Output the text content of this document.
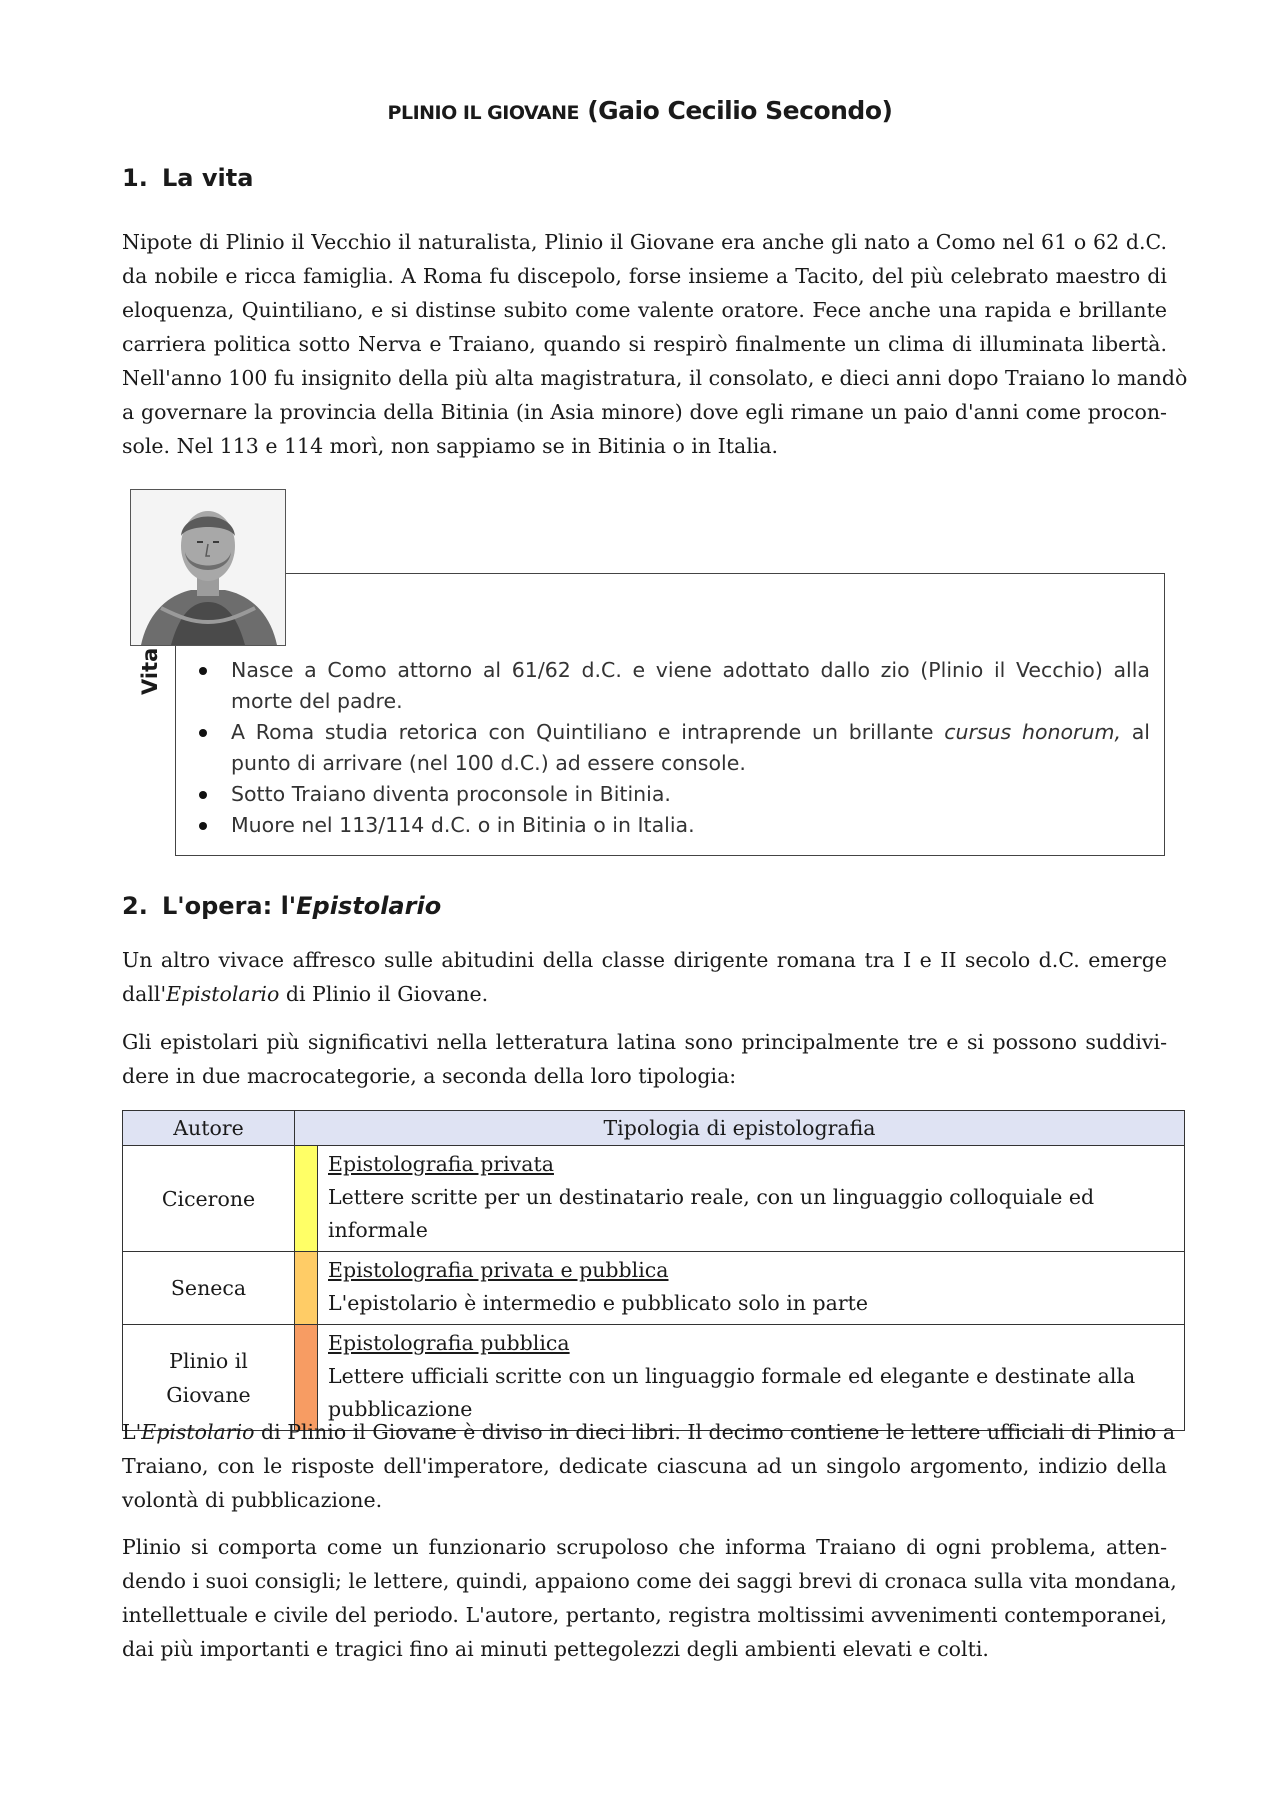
PLINIO IL GIOVANE (Gaio Cecilio Secondo)
1. La vita

Nipote di Plinio il Vecchio il naturalista, Plinio il Giovane era anche gli nato a Como nel 61 o 62 d.C.
da nobile e ricca famiglia. A Roma fu discepolo, forse insieme a Tacito, del più celebrato maestro di
eloquenza, Quintiliano, e si distinse subito come valente oratore. Fece anche una rapida e brillante
carriera politica sotto Nerva e Traiano, quando si respirò finalmente un clima di illuminata libertà.
Nell'anno 100 fu insignito della più alta magistratura, il consolato, e dieci anni dopo Traiano lo mandò
a governare la provincia della Bitinia (in Asia minore) dove egli rimane un paio d'anni come procon-
sole. Nel 113 e 114 morì, non sappiamo se in Bitinia o in Italia.

Vita	Nasce a Como attorno al 61/62 d.C. e viene adottato dallo zio (Plinio il Vecchio) alla morte del padre.
A Roma studia retorica con Quintiliano e intraprende un brillante cursus honorum, al punto di arrivare (nel 100 d.C.) ad essere console.
Sotto Traiano diventa proconsole in Bitinia.
Muore nel 113/114 d.C. o in Bitinia o in Italia.
2. L'opera: l'Epistolario

Un altro vivace affresco sulle abitudini della classe dirigente romana tra I e II secolo d.C. emerge
dall'Epistolario di Plinio il Giovane.

Gli epistolari più significativi nella letteratura latina sono principalmente tre e si possono suddivi-
dere in due macrocategorie, a seconda della loro tipologia:

Autore	Tipologia di epistolografia	
Cicerone		Epistolografia privata
Lettere scritte per un destinatario reale, con un linguaggio colloquiale ed informale

Seneca		Epistolografia privata e pubblica
L'epistolario è intermedio e pubblicato solo in parte

Plinio il Giovane		Epistolografia pubblica
Lettere ufficiali scritte con un linguaggio formale ed elegante e destinate alla pubblicazione

L'Epistolario di Plinio il Giovane è diviso in dieci libri. Il decimo contiene le lettere ufficiali di Plinio a
Traiano, con le risposte dell'imperatore, dedicate ciascuna ad un singolo argomento, indizio della
volontà di pubblicazione.

Plinio si comporta come un funzionario scrupoloso che informa Traiano di ogni problema, atten-
dendo i suoi consigli; le lettere, quindi, appaiono come dei saggi brevi di cronaca sulla vita mondana,
intellettuale e civile del periodo. L'autore, pertanto, registra moltissimi avvenimenti contemporanei,
dai più importanti e tragici fino ai minuti pettegolezzi degli ambienti elevati e colti.
